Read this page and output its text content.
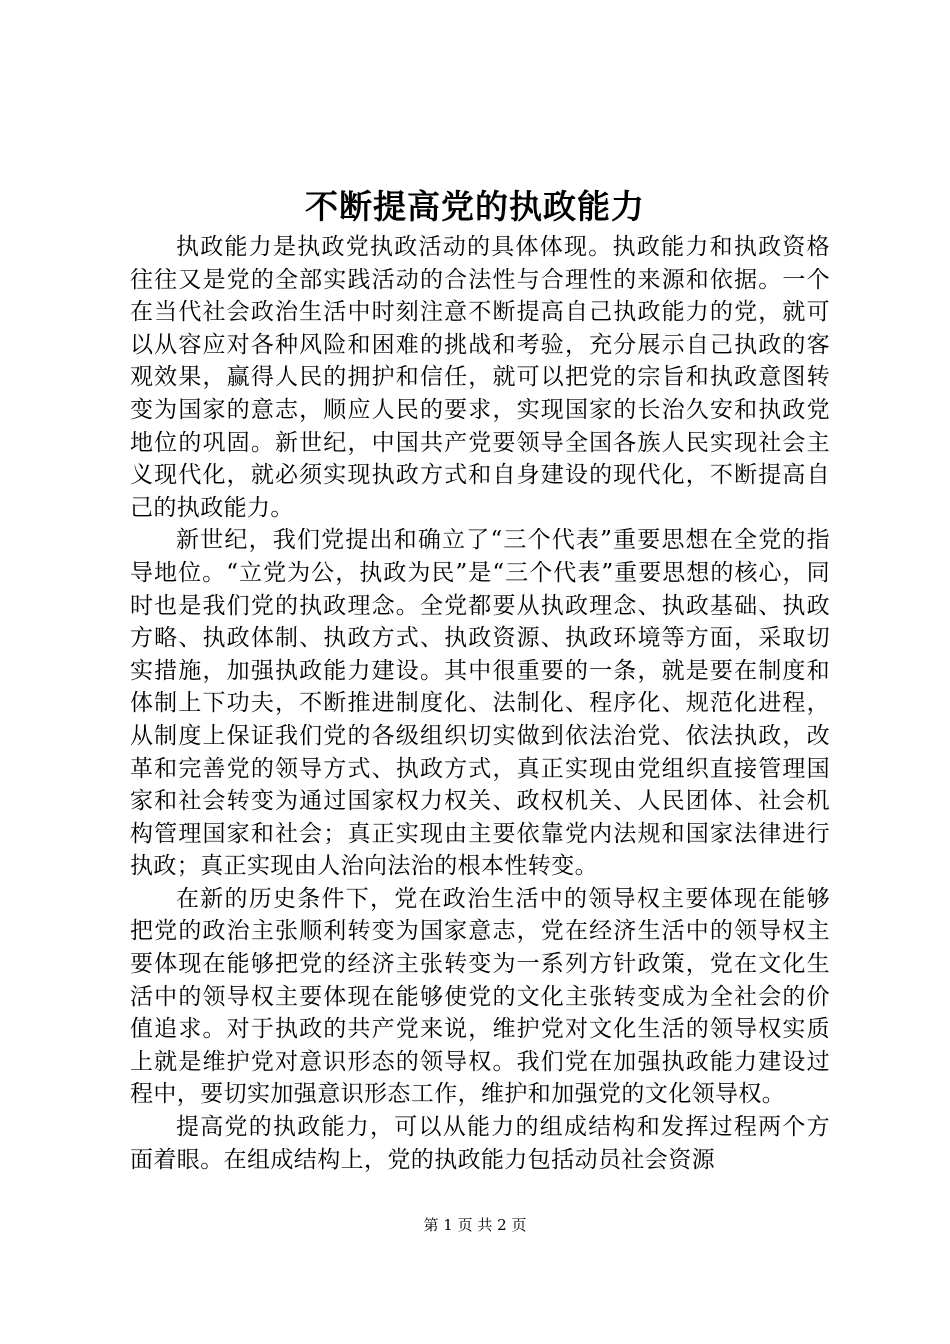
不断提高党的执政能力

执政能力是执政党执政活动的具体体现。执政能力和执政资格往往又是党的全部实践活动的合法性与合理性的来源和依据。一个在当代社会政治生活中时刻注意不断提高自己执政能力的党，就可以从容应对各种风险和困难的挑战和考验，充分展示自己执政的客观效果，赢得人民的拥护和信任，就可以把党的宗旨和执政意图转变为国家的意志，顺应人民的要求，实现国家的长治久安和执政党地位的巩固。新世纪，中国共产党要领导全国各族人民实现社会主义现代化，就必须实现执政方式和自身建设的现代化，不断提高自己的执政能力。

新世纪，我们党提出和确立了“三个代表”重要思想在全党的指导地位。“立党为公，执政为民”是“三个代表”重要思想的核心，同时也是我们党的执政理念。全党都要从执政理念、执政基础、执政方略、执政体制、执政方式、执政资源、执政环境等方面，采取切实措施，加强执政能力建设。其中很重要的一条，就是要在制度和体制上下功夫，不断推进制度化、法制化、程序化、规范化进程，从制度上保证我们党的各级组织切实做到依法治党、依法执政，改革和完善党的领导方式、执政方式，真正实现由党组织直接管理国家和社会转变为通过国家权力权关、政权机关、人民团体、社会机构管理国家和社会；真正实现由主要依靠党内法规和国家法律进行执政；真正实现由人治向法治的根本性转变。

在新的历史条件下，党在政治生活中的领导权主要体现在能够把党的政治主张顺利转变为国家意志，党在经济生活中的领导权主要体现在能够把党的经济主张转变为一系列方针政策，党在文化生活中的领导权主要体现在能够使党的文化主张转变成为全社会的价值追求。对于执政的共产党来说，维护党对文化生活的领导权实质上就是维护党对意识形态的领导权。我们党在加强执政能力建设过程中，要切实加强意识形态工作，维护和加强党的文化领导权。

提高党的执政能力，可以从能力的组成结构和发挥过程两个方面着眼。在组成结构上，党的执政能力包括动员社会资源

第 1 页 共 2 页
